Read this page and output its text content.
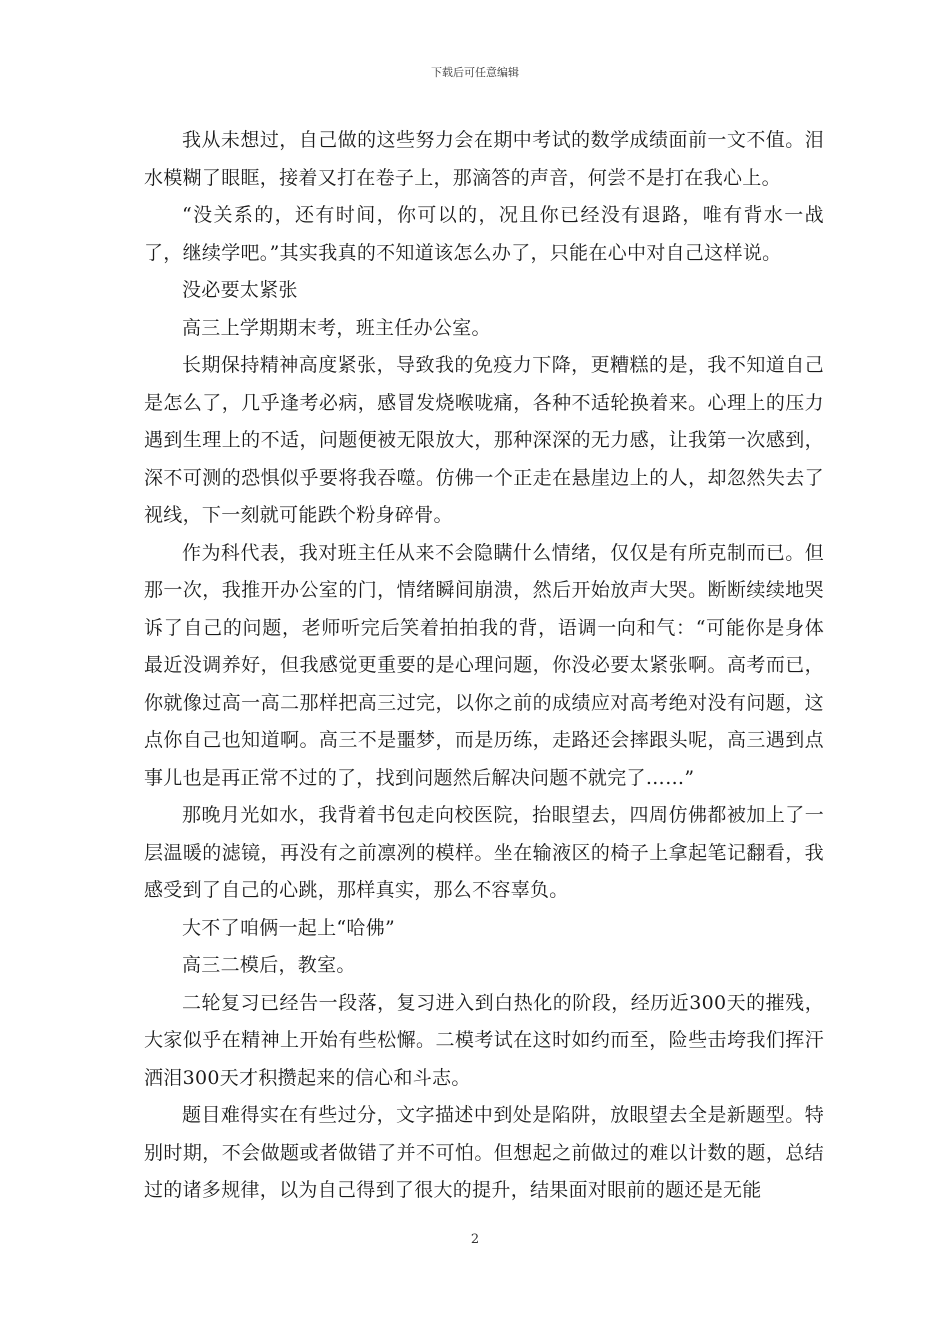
下载后可任意编辑

我从未想过，自己做的这些努力会在期中考试的数学成绩面前一文不值。泪水模糊了眼眶，接着又打在卷子上，那滴答的声音，何尝不是打在我心上。

“没关系的，还有时间，你可以的，况且你已经没有退路，唯有背水一战了，继续学吧。”其实我真的不知道该怎么办了，只能在心中对自己这样说。

没必要太紧张

高三上学期期末考，班主任办公室。

长期保持精神高度紧张，导致我的免疫力下降，更糟糕的是，我不知道自己是怎么了，几乎逢考必病，感冒发烧喉咙痛，各种不适轮换着来。心理上的压力遇到生理上的不适，问题便被无限放大，那种深深的无力感，让我第一次感到，深不可测的恐惧似乎要将我吞噬。仿佛一个正走在悬崖边上的人，却忽然失去了视线，下一刻就可能跌个粉身碎骨。

作为科代表，我对班主任从来不会隐瞒什么情绪，仅仅是有所克制而已。但那一次，我推开办公室的门，情绪瞬间崩溃，然后开始放声大哭。断断续续地哭诉了自己的问题，老师听完后笑着拍拍我的背，语调一向和气：“可能你是身体最近没调养好，但我感觉更重要的是心理问题，你没必要太紧张啊。高考而已，你就像过高一高二那样把高三过完，以你之前的成绩应对高考绝对没有问题，这点你自己也知道啊。高三不是噩梦，而是历练，走路还会摔跟头呢，高三遇到点事儿也是再正常不过的了，找到问题然后解决问题不就完了……”

那晚月光如水，我背着书包走向校医院，抬眼望去，四周仿佛都被加上了一层温暖的滤镜，再没有之前凛冽的模样。坐在输液区的椅子上拿起笔记翻看，我感受到了自己的心跳，那样真实，那么不容辜负。

大不了咱俩一起上“哈佛”

高三二模后，教室。

二轮复习已经告一段落，复习进入到白热化的阶段，经历近300天的摧残，大家似乎在精神上开始有些松懈。二模考试在这时如约而至，险些击垮我们挥汗洒泪300天才积攒起来的信心和斗志。

题目难得实在有些过分，文字描述中到处是陷阱，放眼望去全是新题型。特别时期，不会做题或者做错了并不可怕。但想起之前做过的难以计数的题，总结过的诸多规律，以为自己得到了很大的提升，结果面对眼前的题还是无能

2
